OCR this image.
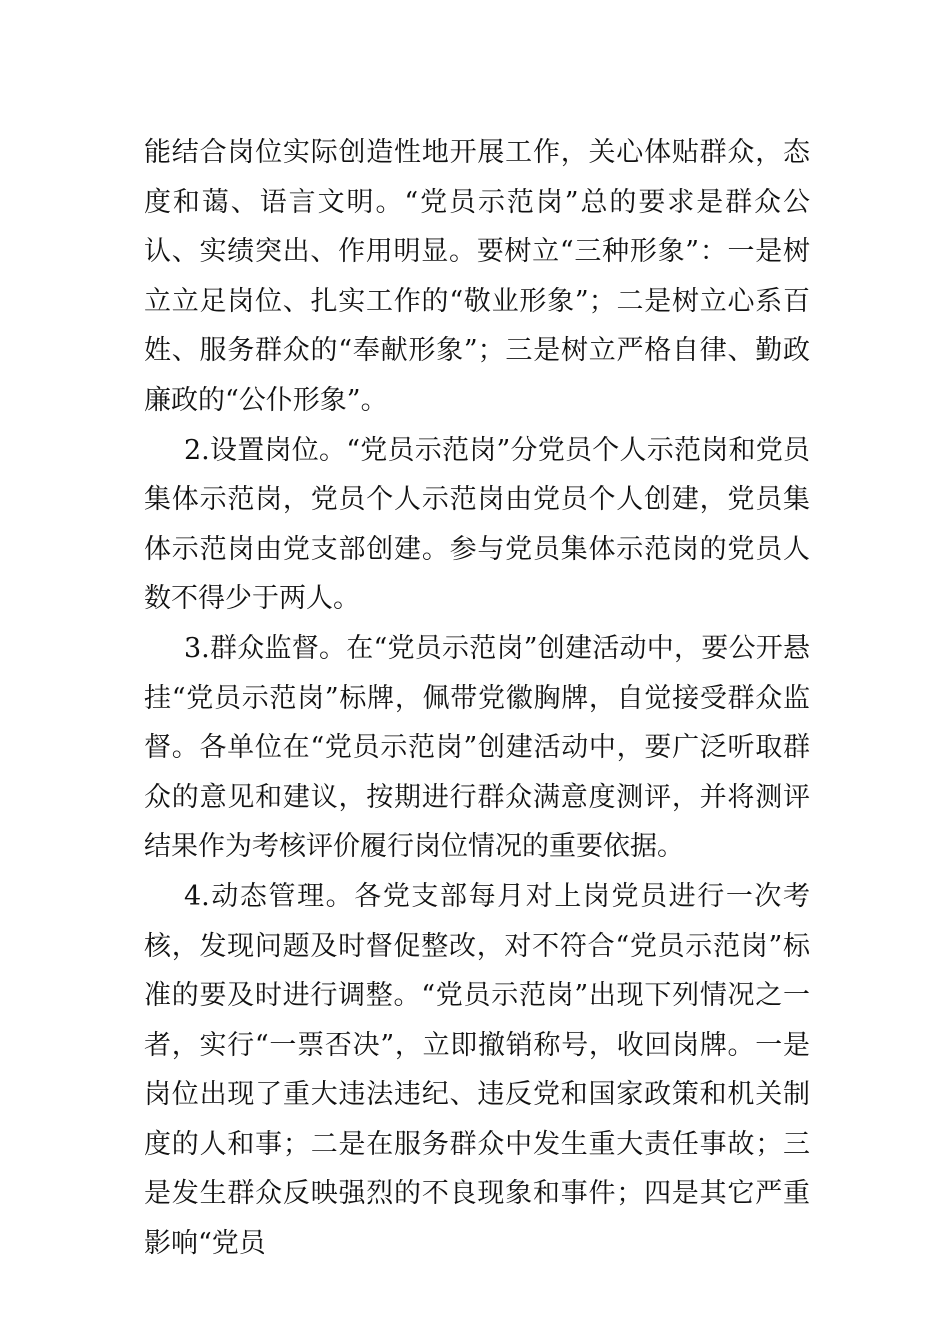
能结合岗位实际创造性地开展工作，关心体贴群众，态度和蔼、语言文明。“党员示范岗”总的要求是群众公认、实绩突出、作用明显。要树立“三种形象”：一是树立立足岗位、扎实工作的“敬业形象”；二是树立心系百姓、服务群众的“奉献形象”；三是树立严格自律、勤政廉政的“公仆形象”。

2.设置岗位。“党员示范岗”分党员个人示范岗和党员集体示范岗，党员个人示范岗由党员个人创建，党员集体示范岗由党支部创建。参与党员集体示范岗的党员人数不得少于两人。

3.群众监督。在“党员示范岗”创建活动中，要公开悬挂“党员示范岗”标牌，佩带党徽胸牌，自觉接受群众监督。各单位在“党员示范岗”创建活动中，要广泛听取群众的意见和建议，按期进行群众满意度测评，并将测评结果作为考核评价履行岗位情况的重要依据。

4.动态管理。各党支部每月对上岗党员进行一次考核，发现问题及时督促整改，对不符合“党员示范岗”标准的要及时进行调整。“党员示范岗”出现下列情况之一者，实行“一票否决”，立即撤销称号，收回岗牌。一是岗位出现了重大违法违纪、违反党和国家政策和机关制度的人和事；二是在服务群众中发生重大责任事故；三是发生群众反映强烈的不良现象和事件；四是其它严重影响“党员
